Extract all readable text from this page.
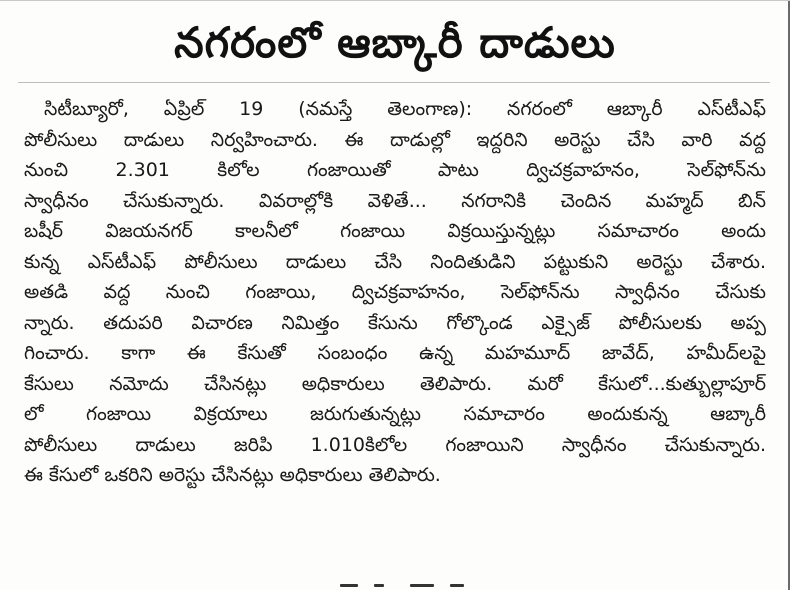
నగరంలో ఆబ్కారీ దాడులు
సిటీబ్యూరో, ఏప్రిల్ 19 (నమస్తే తెలంగాణ): నగరంలో ఆబ్కారీ ఎస్‌టీఎఫ్
పోలీసులు దాడులు నిర్వహించారు. ఈ దాడుల్లో ఇద్దరిని అరెస్టు చేసి వారి వద్ద
నుంచి 2.301 కిలోల గంజాయితో పాటు ద్విచక్రవాహనం, సెల్‌ఫోన్‌ను
స్వాధీనం చేసుకున్నారు. వివరాల్లోకి వెళితే... నగరానికి చెందిన మహ్మద్ బిన్
బషీర్ విజయనగర్ కాలనీలో గంజాయి విక్రయిస్తున్నట్లు సమాచారం అందు
కున్న ఎస్‌టీఎఫ్ పోలీసులు దాడులు చేసి నిందితుడిని పట్టుకుని అరెస్టు చేశారు.
అతడి వద్ద నుంచి గంజాయి, ద్విచక్రవాహనం, సెల్‌ఫోన్‌ను స్వాధీనం చేసుకు
న్నారు. తదుపరి విచారణ నిమిత్తం కేసును గోల్కొండ ఎక్సైజ్ పోలీసులకు అప్ప
గించారు. కాగా ఈ కేసుతో సంబంధం ఉన్న మహమూద్ జావేద్, హమీద్‌లపై
కేసులు నమోదు చేసినట్లు అధికారులు తెలిపారు. మరో కేసులో...కుత్బుల్లాపూర్
లో గంజాయి విక్రయాలు జరుగుతున్నట్లు సమాచారం అందుకున్న ఆబ్కారీ
పోలీసులు దాడులు జరిపి 1.010కిలోల గంజాయిని స్వాధీనం చేసుకున్నారు.
ఈ కేసులో ఒకరిని అరెస్టు చేసినట్లు అధికారులు తెలిపారు.
